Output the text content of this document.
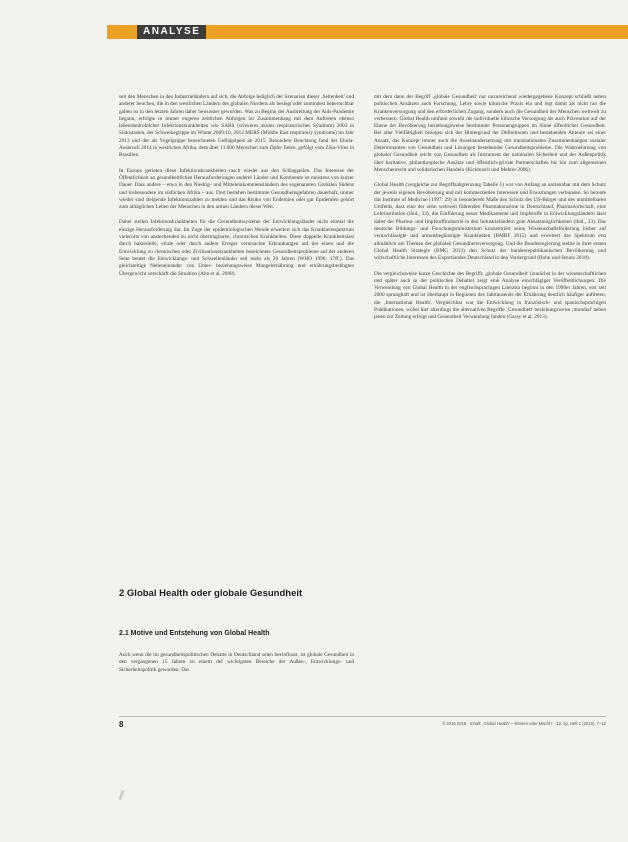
ANALYSE

seit den Menschen in den Industrieländern auf sich, die Abfolge lediglich der Szenarien dieser ‚Seltenheit' und anderer Seuchen, die in den westlichen Ländern des globalen Nordens als besiegt oder zumindest beherrschbar galten ist in den letzten Jahren daher bewusster geworden. Was zu Beginn der Ausbreitung der Aids-Pandemie begann, erfolgte in immer engeren zeitlichen Abfolgen im Zusammenhang mit dem Auftreten ebenso lebensbedrohlicher Infektionskrankheiten wie SARS (schweres akutes respiratorisches Syndrom) 2003 in Südostasien, der Schweinegrippe im Winter 2009/10, 2012 MERS (Middle East respiratory syndrome) im Jahr 2013 und der als Vogelgrippe bezeichneten Geflügelpest ab 2015. Besondere Beachtung fand der Ebola-Ausbruch 2014 in westlichen Afrika, dem über 11.000 Menschen zum Opfer fielen, gefolgt vom Zika-Virus in Brasilien.

In Europa gerieten diese Infektionskrankheiten rasch wieder aus den Schlagzeilen. Das Interesse der Öffentlichkeit an gesundheitlichen Herausforderungen anderer Länder und Kontinente ist meistens von kurzer Dauer. Dass andere – etwa in den Niedrig- und Mitteleinkommensländern des sogenannten Globalen Südens und insbesondere im südlichen Afrika – aus. Dort bestehen bestimmte Gesundheitsgefahren dauerhaft, immer wieder sind steigende Infektionszahlen zu melden und das Risiko von Endemien oder gar Epidemien gehört zum alltäglichen Leben der Menschen in den armen Ländern dieser Welt.

Dabei stellen Infektionskrankheiten für die Gesundheitssysteme der Entwicklungsländer nicht einmal die einzige Herausforderung dar. Im Zuge der epidemiologischen Wende erweitert sich das Krankheitsspektrum vielerorts von ansteckenden zu nicht übertragbaren, chronischen Krankheiten. Diese doppelte Krankheitslast durch bakterielle, virale oder durch andere Erreger verursachte Erkrankungen auf der einen und die Entwicklung zu chronischen oder Zivilisationskrankheiten bezeichnete Gesundheitsprobleme auf der anderen Seite beutet die Entwicklungs- und Schwellenländer seit mehr als 20 Jahren (WHO 1996: 17ff.). Das gleichzeitige Nebeneinander von Unter- beziehungsweise Mangelernährung und ernährungsbedingten Übergewicht verschärft die Situation (Ahn et al. 2008).

2 Global Health oder globale Gesundheit
2.1 Motive und Entstehung von Global Health

Auch wenn die im gesundheitspolitischen Debatte in Deutschland seien beeinflusst, ist globale Gesundheit in den vergangenen 15 Jahren zu einem der wichtigsten Bereiche der Außen-, Entwicklungs- und Sicherheitspolitik geworden. Das

mit dem dann der Begriff ‚globale Gesundheit' nur unzureichend wiedergegebene Konzept schließt neben politischen Ansätzen auch Forschung, Lehre sowie klinische Praxis ein und legt damit als nicht nur die Krankenversorgung und den erforderlichen Zugang, sondern auch die Gesundheit der Menschen weltweit zu verbessern. Global Health umfasst sowohl die individuelle klinische Versorgung als auch Prävention auf der Ebene der Bevölkerung beziehungsweise bestimmter Personengruppen im Sinne öffentlicher Gesundheit. Bei aller Vielfältigkeit bezogen sich der Hintergrund der Definitionen und bestehenden Akteure sei einer Ansatz, das Konzept immer auch die Auseinandersetzung mit transnationalen Zusammenhängen sozialer Determinanten von Gesundheit und Lösungen bestehender Gesundheitsprobleme. Die Wahrnehmung von globaler Gesundheit reicht von Gesundheit als Instrument der nationalen Sicherheit und der Außenpolitik über karitative, philanthropische Ansätze und öffentlich-private Partnerschaften bis hin zum allgemeinen Menschenrecht und solidarischen Handeln (Kickbusch und Mehrer 2006).

Global Health (vergleiche zur Begriffsabgrenzung Tabelle 1) war von Anfang an untrennbar mit dem Schutz der jeweils eigenen Bevölkerung und mit kommerziellen Interessen und Erwartungen verbunden. So betonte das Institute of Medicine (1997: 29) in besonderem Maße den Schutz des US-Bürger und des unmittelbaren Umfelds, dass eine der zehn weltweit führenden Pharmakonzerne in Deutschland, Pharmawirtschaft, eine Lehrinstitution (ibid., 33), die Einführung neuer Medikamente und Impfstoffe in Entwicklungsländern lässt daher der Pharma- und Impfstoffindustrie in den Industrieländern gute Absatzmöglichkeiten (ibid., 33). Das deutsche Bildungs- und Forschungsministerium konzentriert seine Wissenschaftsförderung bisher auf vernachlässigte und armutsbegünstigte Krankheiten (BMBF 2015) und erweitert das Spektrum erst allmählich um Themen der globalen Gesundheitsversorgung. Und die Bundesregierung stellte in ihrer ersten Global Health Strategie (BMG 2013) den Schutz der bundesrepublikanischen Bevölkerung und wirtschaftliche Interessen des Exportlandes Deutschland in den Vordergrund (Bohn und Strunz 2018).

Die vergleichsweise kurze Geschichte des Begriffs ‚globale Gesundheit' (zunächst in der wissenschaftlichen und später auch in der politischen Debatte) zeigt eine Analyse einschlägiger Veröffentlichungen: Die Verwendung von Global Health in der englischsprachigen Literatur beginnt in den 1990er Jahren, erst seit 2000 sprunghaft und ist überhaupt in Regionen des Jahrtausends der Ernährung deutlich häufiger auftreten, die ‚International Health'. Vergleichbar war die Entwicklung in französisch- und spanischsprachigen Publikationen, wobei hier allerdings die alternativen Begriffe ‚Gesundheit' beziehungsweise ‚mondial' neben jenen zur Zeitung erfolgt und Gesundheit Verwendung fanden (Garay et al. 2013).

8	© 2016 2016 · Inhalt: ‚Global Health' – Wissen oder Macht? · 13. Jg, Heft 1 (2016), 7–13
